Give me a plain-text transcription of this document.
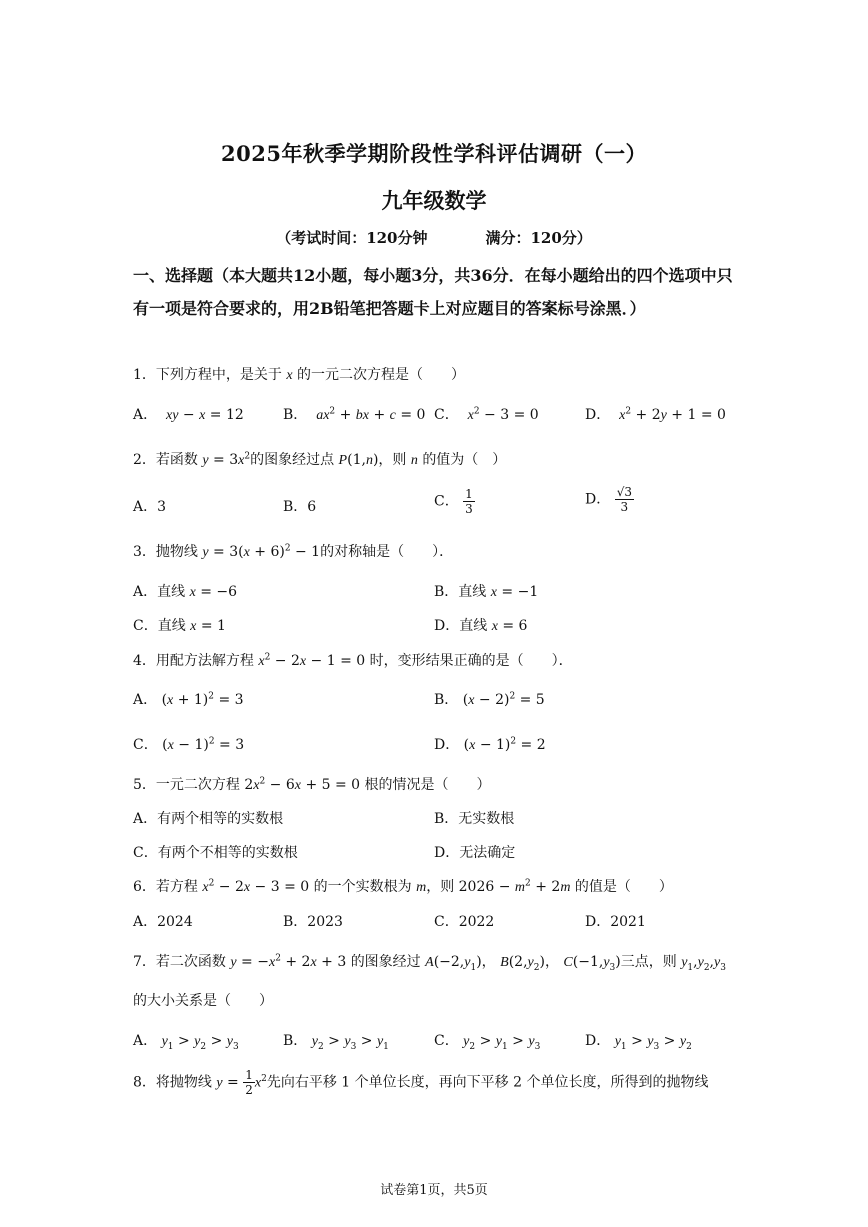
2025年秋季学期阶段性学科评估调研（一）
九年级数学
（考试时间：120分钟	满分：120分）
一、选择题（本大题共12小题，每小题3分，共36分．在每小题给出的四个选项中只有一项是符合要求的，用2B铅笔把答题卡上对应题目的答案标号涂黑．）
1．下列方程中，是关于 x 的一元二次方程是（　　）
A． xy − x = 12	B． $ax^2$ + bx + c = 0 C． $x^2 - 3 = 0$	D． $x^2 + 2y + 1 = 0$
2．若函数 $y = 3x^2$的图象经过点 P(1,n)，则 n 的值为（　）
A．3	B．6	C． $\frac{1}{3}$	D． $\frac{√3}{3}$
3．抛物线 $y = 3(x + 6)^2 - 1$的对称轴是（　　）．
A．直线 x = −6	B．直线 x = −1
C．直线 x = 1	D．直线 x = 6
4．用配方法解方程 $x^2 - 2x - 1 = 0$ 时，变形结果正确的是（　　）．
A． $(x + 1)^2 = 3$	B． $(x - 2)^2 = 5$
C． $(x - 1)^2 = 3$	D． $(x - 1)^2 = 2$
5．一元二次方程 $2x^2 - 6x + 5 = 0$ 根的情况是（　　）
A．有两个相等的实数根	B．无实数根
C．有两个不相等的实数根	D．无法确定
6．若方程 $x^2 - 2x - 3 = 0$ 的一个实数根为 m，则 $2026 - m^2 + 2m$ 的值是（　　）
A．2024	B．2023	C．2022	D．2021
7．若二次函数 $y = -x^2 + 2x + 3$ 的图象经过 $A(-2,y_1)$， $B(2,y_2)$， $C(-1,y_3)$三点，则 $y_1,y_2,y_3$
的大小关系是（　　）
A． $y_1 > y_2 > y_3$	B． $y_2 > y_3 > y_1$	C． $y_2 > y_1 > y_3$	D． $y_1 > y_3 > y_2$
8．将抛物线 $y = \frac{1}{2} x^2$先向右平移 1 个单位长度，再向下平移 2 个单位长度，所得到的抛物线
试卷第1页，共5页
